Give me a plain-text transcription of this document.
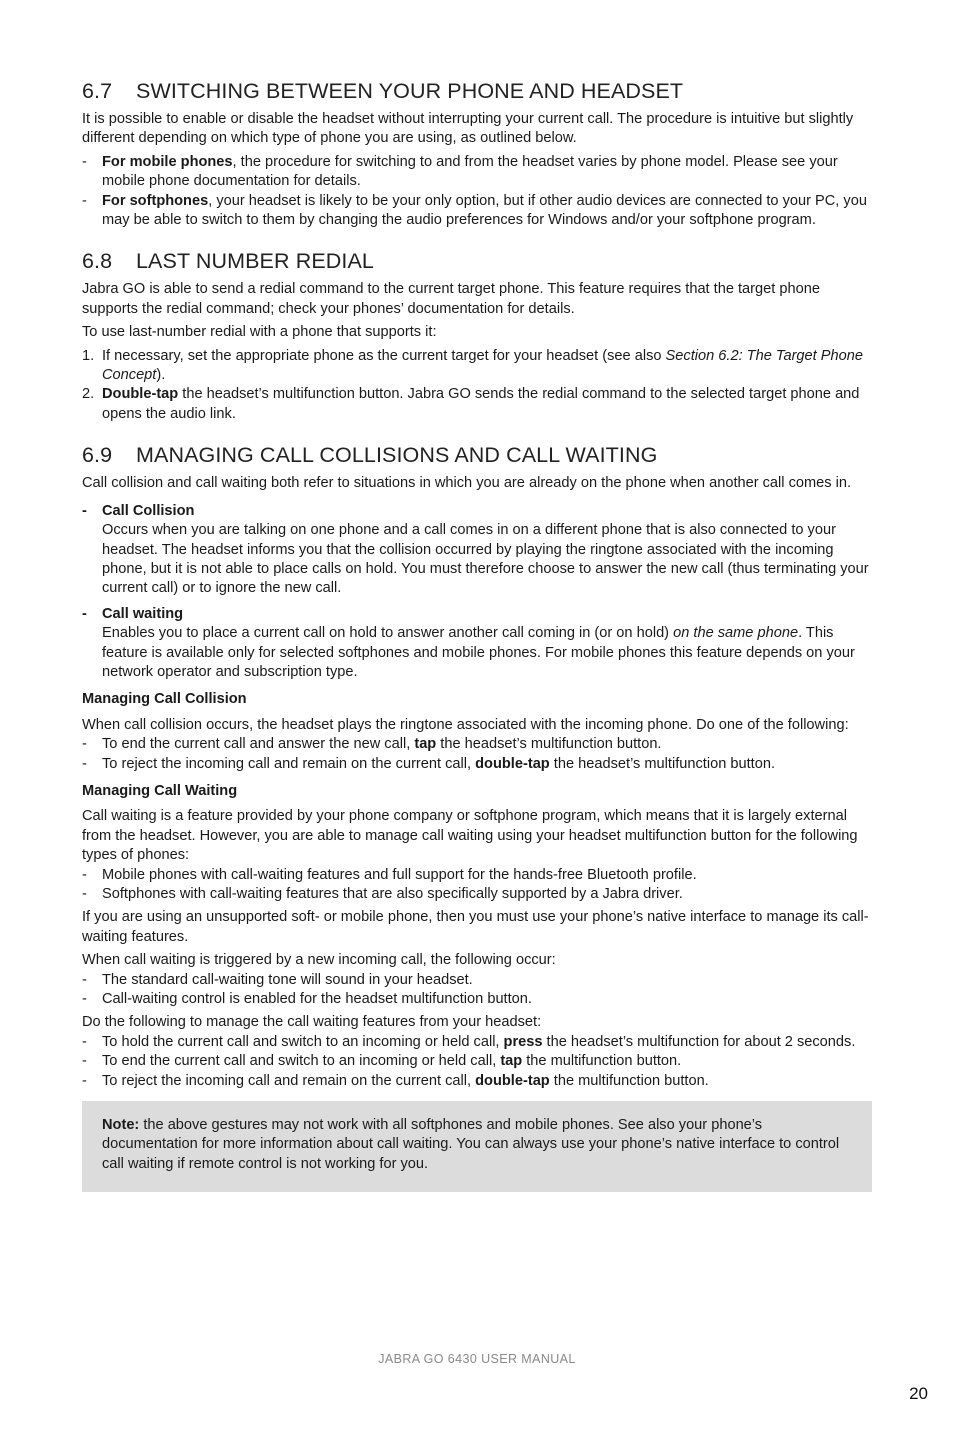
6.7 SWITCHING BETWEEN YOUR PHONE AND HEADSET

It is possible to enable or disable the headset without interrupting your current call. The procedure is intuitive but slightly different depending on which type of phone you are using, as outlined below.

- For mobile phones, the procedure for switching to and from the headset varies by phone model. Please see your mobile phone documentation for details.
- For softphones, your headset is likely to be your only option, but if other audio devices are connected to your PC, you may be able to switch to them by changing the audio preferences for Windows and/or your softphone program.
6.8 LAST NUMBER REDIAL

Jabra GO is able to send a redial command to the current target phone. This feature requires that the target phone supports the redial command; check your phones’ documentation for details.

To use last-number redial with a phone that supports it:

1. If necessary, set the appropriate phone as the current target for your headset (see also Section 6.2: The Target Phone Concept).
2. Double-tap the headset’s multifunction button. Jabra GO sends the redial command to the selected target phone and opens the audio link.
6.9 MANAGING CALL COLLISIONS AND CALL WAITING

Call collision and call waiting both refer to situations in which you are already on the phone when another call comes in.

- Call Collision
Occurs when you are talking on one phone and a call comes in on a different phone that is also connected to your headset. The headset informs you that the collision occurred by playing the ringtone associated with the incoming phone, but it is not able to place calls on hold. You must therefore choose to answer the new call (thus terminating your current call) or to ignore the new call.
- Call waiting
Enables you to place a current call on hold to answer another call coming in (or on hold) on the same phone. This feature is available only for selected softphones and mobile phones. For mobile phones this feature depends on your network operator and subscription type.
Managing Call Collision

When call collision occurs, the headset plays the ringtone associated with the incoming phone. Do one of the following:

- To end the current call and answer the new call, tap the headset’s multifunction button.
- To reject the incoming call and remain on the current call, double-tap the headset’s multifunction button.
Managing Call Waiting

Call waiting is a feature provided by your phone company or softphone program, which means that it is largely external from the headset. However, you are able to manage call waiting using your headset multifunction button for the following types of phones:

- Mobile phones with call-waiting features and full support for the hands-free Bluetooth profile.
- Softphones with call-waiting features that are also specifically supported by a Jabra driver.

If you are using an unsupported soft- or mobile phone, then you must use your phone’s native interface to manage its call-waiting features.

When call waiting is triggered by a new incoming call, the following occur:

- The standard call-waiting tone will sound in your headset.
- Call-waiting control is enabled for the headset multifunction button.

Do the following to manage the call waiting features from your headset:

- To hold the current call and switch to an incoming or held call, press the headset’s multifunction for about 2 seconds.
- To end the current call and switch to an incoming or held call, tap the multifunction button.
- To reject the incoming call and remain on the current call, double-tap the multifunction button.
Note: the above gestures may not work with all softphones and mobile phones. See also your phone’s documentation for more information about call waiting. You can always use your phone’s native interface to control call waiting if remote control is not working for you.
JABRA GO 6430 USER MANUAL
20
